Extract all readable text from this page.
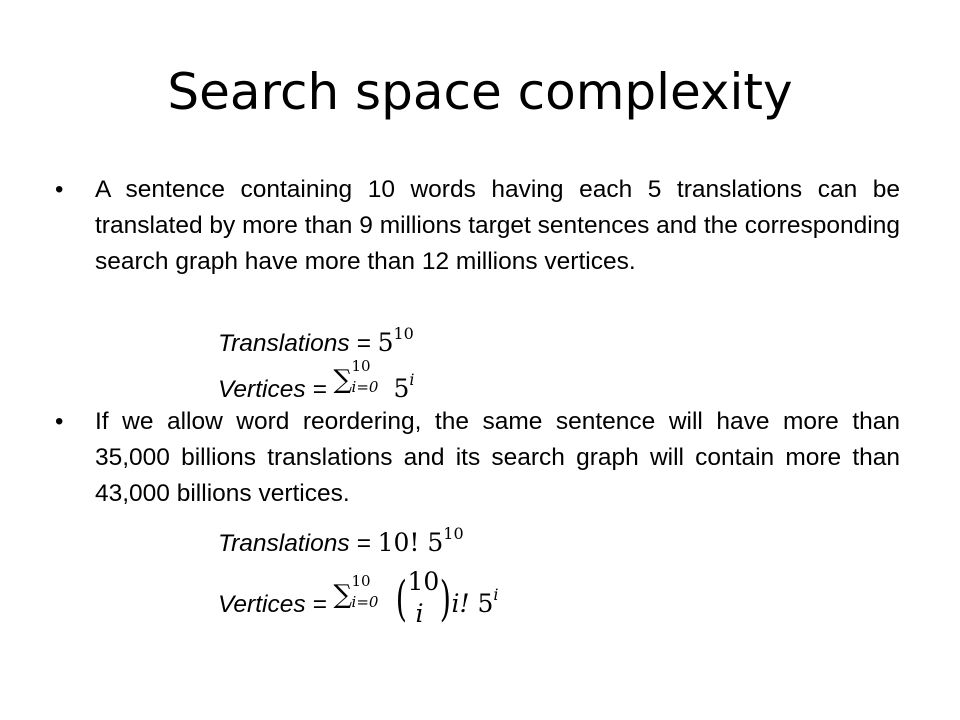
Search space complexity
• A sentence containing 10 words having each 5 translations can be translated by more than 9 millions target sentences and the corresponding search graph have more than 12 millions vertices.
Translations = $5^{10}$
Vertices = ∑ 10
i=0 5$^i$
• If we allow word reordering, the same sentence will have more than 35,000 billions translations and its search graph will contain more than 43,000 billions vertices.
Translations = 10! $5^{10}$
Vertices = ∑ 10
i=0 ( 10
i ) i! 5$^i$
